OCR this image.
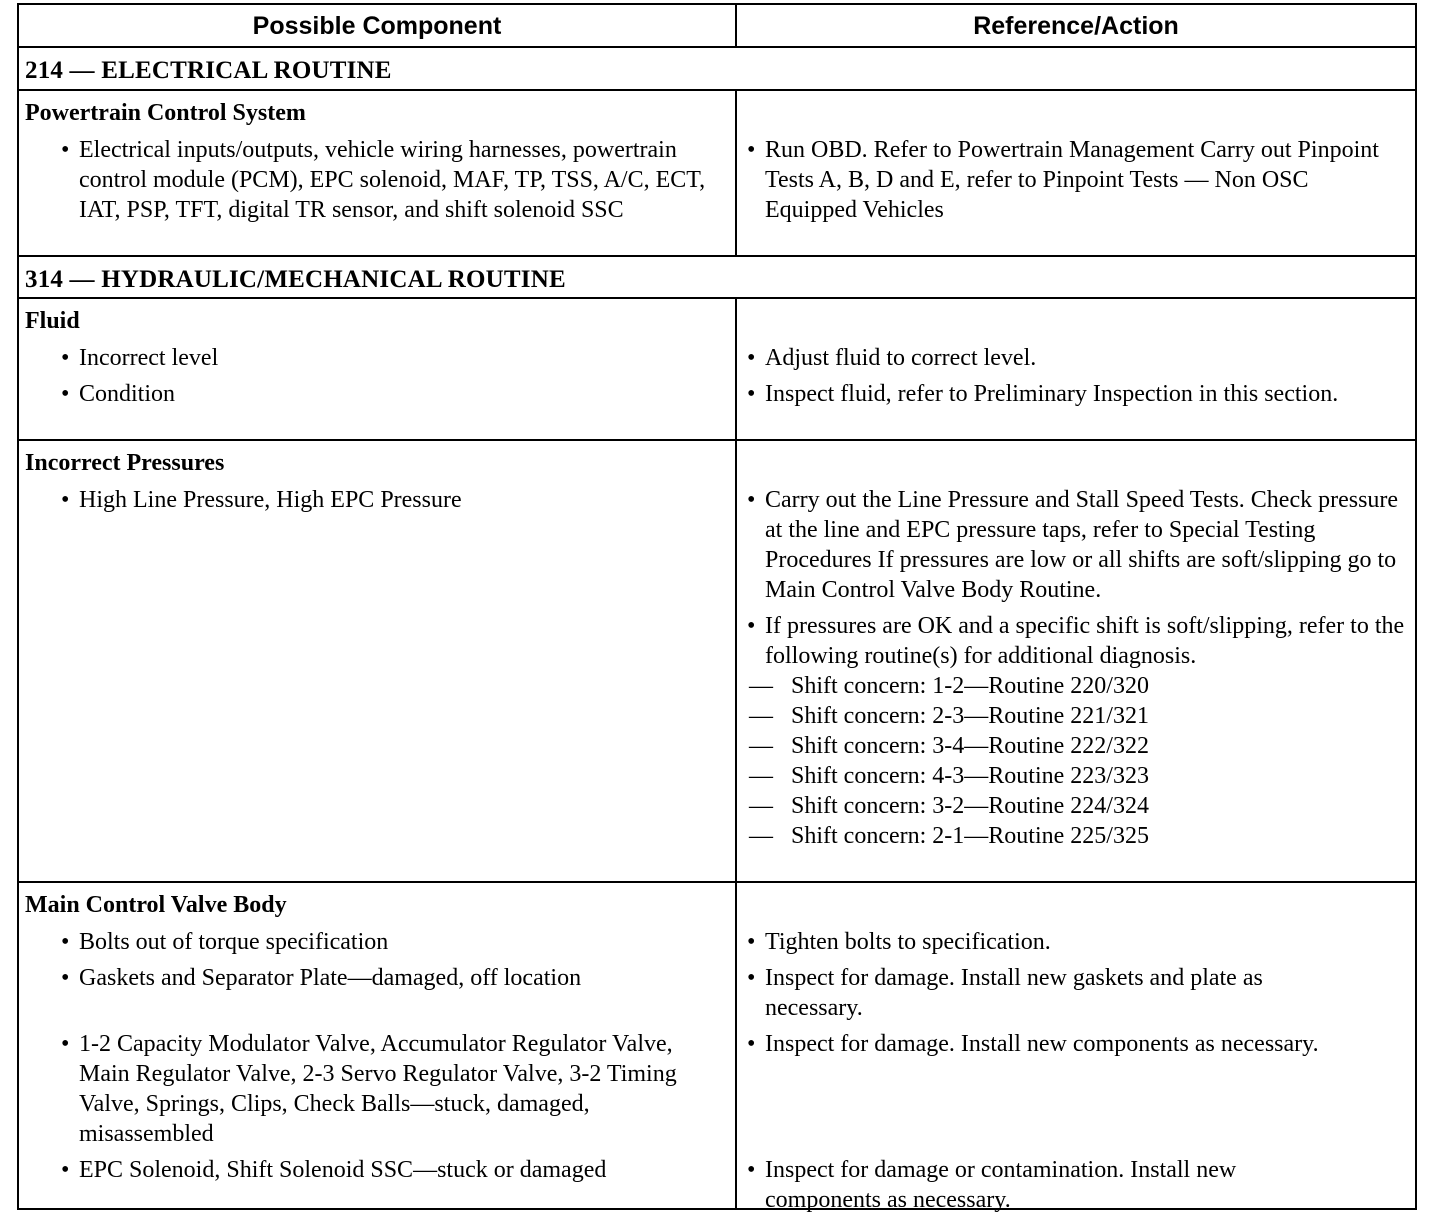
Possible Component	Reference/Action
214 — ELECTRICAL ROUTINE
Powertrain Control System
• Electrical inputs/outputs, vehicle wiring harnesses, powertrain control module (PCM), EPC solenoid, MAF, TP, TSS, A/C, ECT, IAT, PSP, TFT, digital TR sensor, and shift solenoid SSC
• Run OBD. Refer to Powertrain Management Carry out Pinpoint Tests A, B, D and E, refer to Pinpoint Tests — Non OSC Equipped Vehicles
314 — HYDRAULIC/MECHANICAL ROUTINE
Fluid
• Incorrect level
• Condition
• Adjust fluid to correct level.
• Inspect fluid, refer to Preliminary Inspection in this section.
Incorrect Pressures
• High Line Pressure, High EPC Pressure
•	Carry out the Line Pressure and Stall Speed Tests. Check pressure at the line and EPC pressure taps, refer to Special Testing Procedures If pressures are low or all shifts are soft/slipping go to Main Control Valve Body Routine.
• If pressures are OK and a specific shift is soft/slipping, refer to the following routine(s) for additional diagnosis.
— Shift concern: 1-2—Routine 220/320
— Shift concern: 2-3—Routine 221/321
— Shift concern: 3-4—Routine 222/322
— Shift concern: 4-3—Routine 223/323
— Shift concern: 3-2—Routine 224/324
— Shift concern: 2-1—Routine 225/325
Main Control Valve Body
• Bolts out of torque specification
• Gaskets and Separator Plate—damaged, off location
• 1-2 Capacity Modulator Valve, Accumulator Regulator Valve, Main Regulator Valve, 2-3 Servo Regulator Valve, 3-2 Timing Valve, Springs, Clips, Check Balls—stuck, damaged, misassembled
• EPC Solenoid, Shift Solenoid SSC—stuck or damaged
• Tighten bolts to specification.
• Inspect for damage. Install new gaskets and plate as necessary.
• Inspect for damage. Install new components as necessary.
• Inspect for damage or contamination. Install new components as necessary.
